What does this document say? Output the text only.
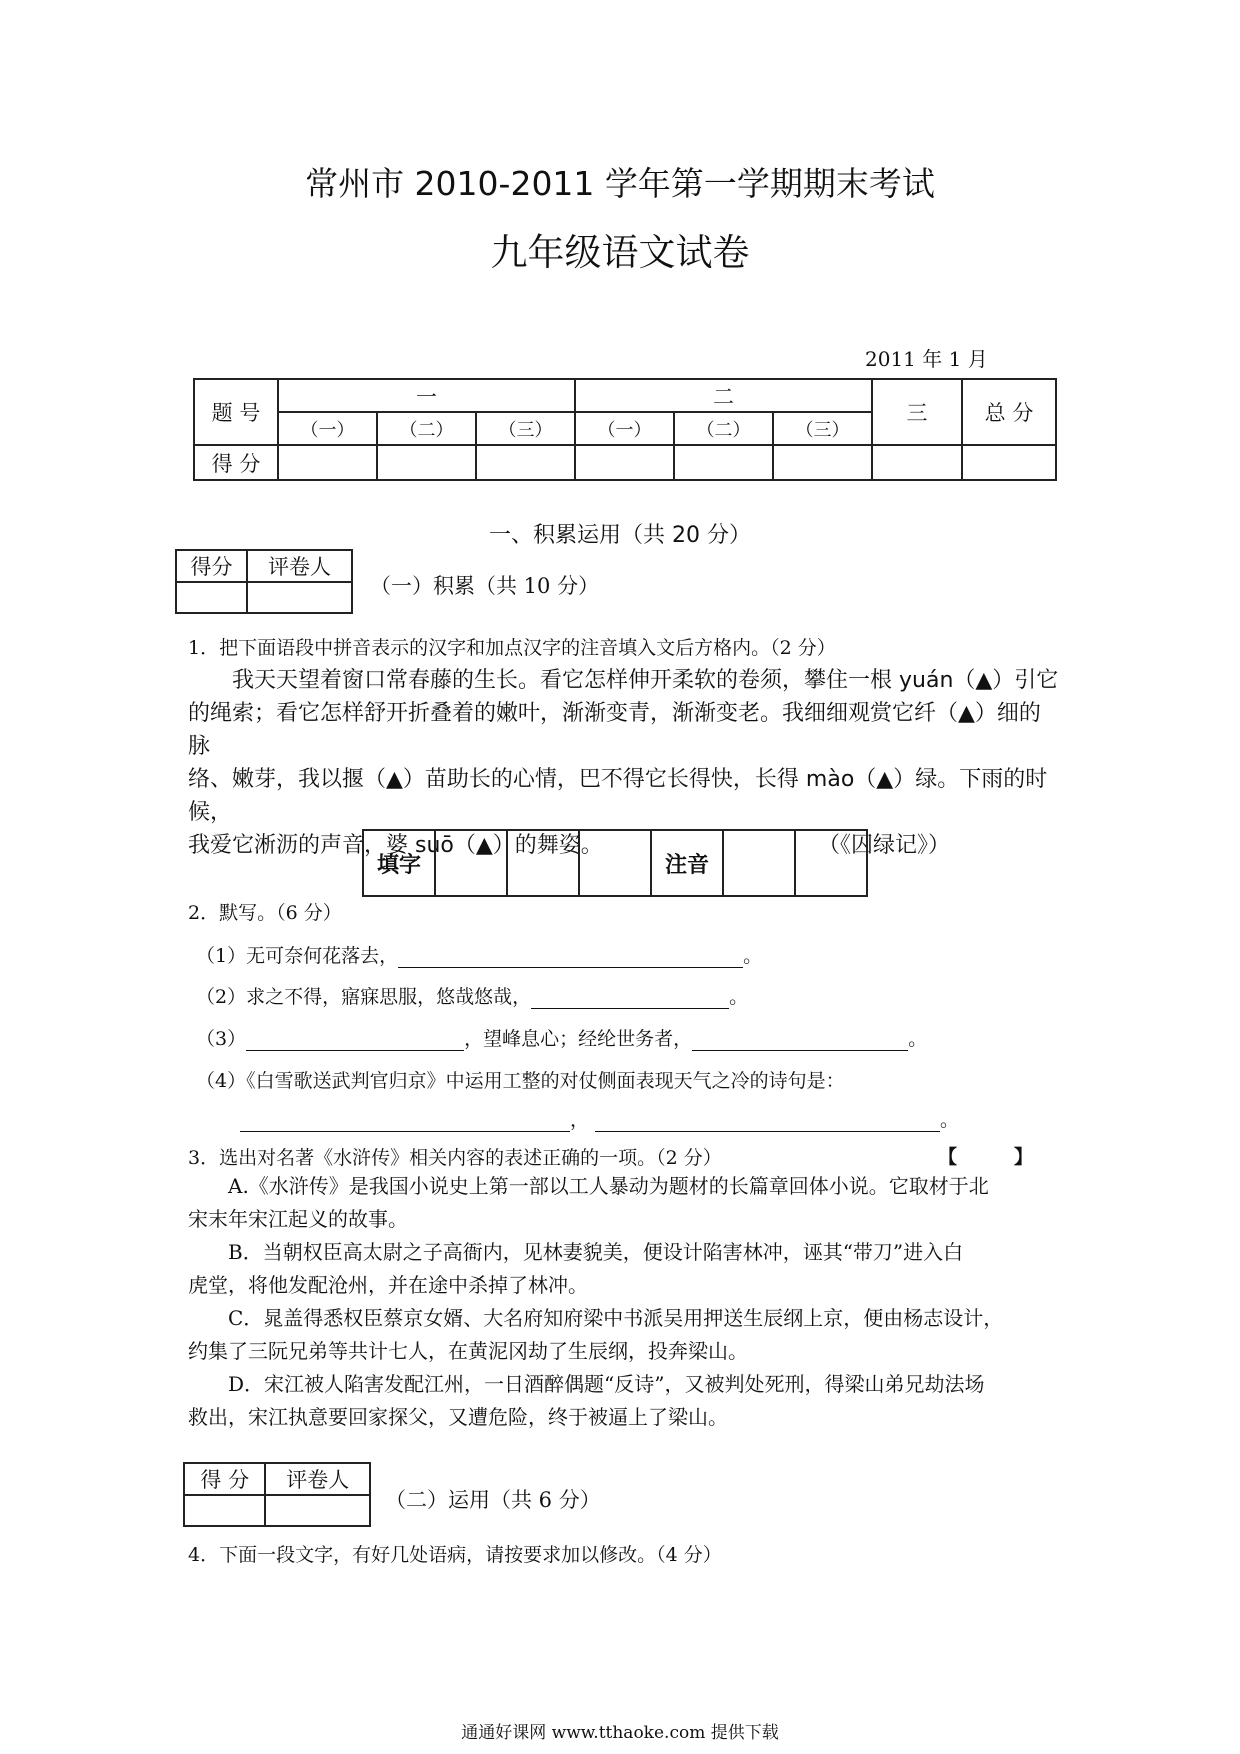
常州市 2010-2011 学年第一学期期末考试
九年级语文试卷
2011 年 1 月
题 号	一			二			三	总 分
	（一）	（二）	（三）	（一）	（二）	（三）		
得 分								
一、积累运用（共 20 分）
得分	评卷人

（一）积累（共 10 分）
1．把下面语段中拼音表示的汉字和加点汉字的注音填入文后方格内。（2 分）
我天天望着窗口常春藤的生长。看它怎样伸开柔软的卷须，攀住一根 yuán（▲）引它
的绳索；看它怎样舒开折叠着的嫩叶，渐渐变青，渐渐变老。我细细观赏它纤（▲）细的脉
络、嫩芽，我以揠（▲）苗助长的心情，巴不得它长得快，长得 mào（▲）绿。下雨的时候，
我爱它淅沥的声音，婆 suō（▲）的舞姿。	（《囚绿记》）
填字				注音		
2．默写。（6 分）
（1）无可奈何花落去，	。
（2）求之不得，寤寐思服，悠哉悠哉，	。
（3）	，望峰息心；经纶世务者，	。
（4）《白雪歌送武判官归京》中运用工整的对仗侧面表现天气之冷的诗句是：
，	。
3．选出对名著《水浒传》相关内容的表述正确的一项。（2 分）	【　　　】
A.《水浒传》是我国小说史上第一部以工人暴动为题材的长篇章回体小说。它取材于北
宋末年宋江起义的故事。
B．当朝权臣高太尉之子高衙内，见林妻貌美，便设计陷害林冲，诬其“带刀”进入白
虎堂，将他发配沧州，并在途中杀掉了林冲。
C．晁盖得悉权臣蔡京女婿、大名府知府梁中书派吴用押送生辰纲上京，便由杨志设计，
约集了三阮兄弟等共计七人，在黄泥冈劫了生辰纲，投奔梁山。
D．宋江被人陷害发配江州，一日酒醉偶题“反诗”，又被判处死刑，得梁山弟兄劫法场
救出，宋江执意要回家探父，又遭危险，终于被逼上了梁山。
得 分	评卷人

（二）运用（共 6 分）
4．下面一段文字，有好几处语病，请按要求加以修改。（4 分）
通通好课网 www.tthaoke.com 提供下载
